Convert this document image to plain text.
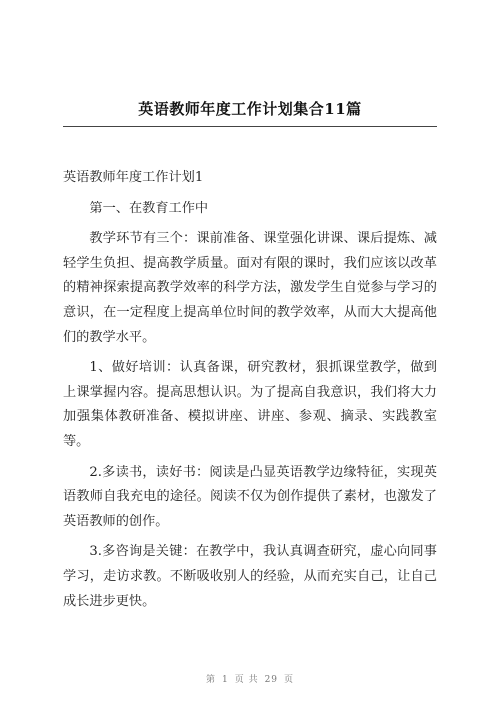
英语教师年度工作计划集合11篇

英语教师年度工作计划1

第一、在教育工作中

教学环节有三个：课前准备、课堂强化讲课、课后提炼、减轻学生负担、提高教学质量。面对有限的课时，我们应该以改革的精神探索提高教学效率的科学方法，激发学生自觉参与学习的意识，在一定程度上提高单位时间的教学效率，从而大大提高他们的教学水平。

1、做好培训：认真备课，研究教材，狠抓课堂教学，做到上课掌握内容。提高思想认识。为了提高自我意识，我们将大力加强集体教研准备、模拟讲座、讲座、参观、摘录、实践教室等。

2.多读书，读好书：阅读是凸显英语教学边缘特征，实现英语教师自我充电的途径。阅读不仅为创作提供了素材，也激发了英语教师的创作。

3.多咨询是关键：在教学中，我认真调查研究，虚心向同事学习，走访求教。不断吸收别人的经验，从而充实自己，让自己成长进步更快。

第 1 页 共 29 页
